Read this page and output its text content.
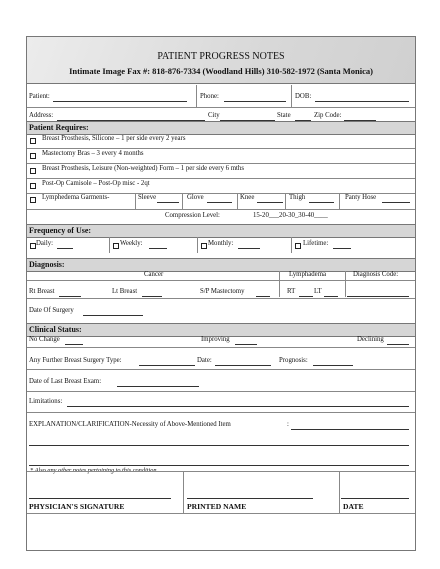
PATIENT PROGRESS NOTES
Intimate Image Fax #: 818-876-7334 (Woodland Hills) 310-582-1972 (Santa Monica)
Patient:	Phone:	DOB:
Address:	City	State	Zip Code:
Patient Requires:
Breast Prosthesis, Silicone – 1 per side every 2 years
Mastectomy Bras – 3 every 4 months
Breast Prosthesis, Leisure (Non-weighted) Form – 1 per side every 6 mths
Post-Op Camisole – Post-Op misc - 2qt
Lymphedema Garments-	Sleeve	Glove	Knee	Thigh	Panty Hose
Compression Level:	15-20___20-30_30-40____
Frequency of Use:
Daily:	Weekly:	Monthly:	Lifetime:
Diagnosis:
Cancer	Lymphadema	Diagnosis Code:
Rt Breast	Lt Breast	S/P Mastectomy	RT	LT
Date Of Surgery
Clinical Status:
No Change	Improving	Declining
Any Further Breast Surgery Type:	Date:	Prognosis:
Date of Last Breast Exam:
Limitations:
EXPLANATION/CLARIFICATION-Necessity of Above-Mentioned Item	:
* Also any other notes pertaining to this condition.
PHYSICIAN'S SIGNATURE	PRINTED NAME	DATE
